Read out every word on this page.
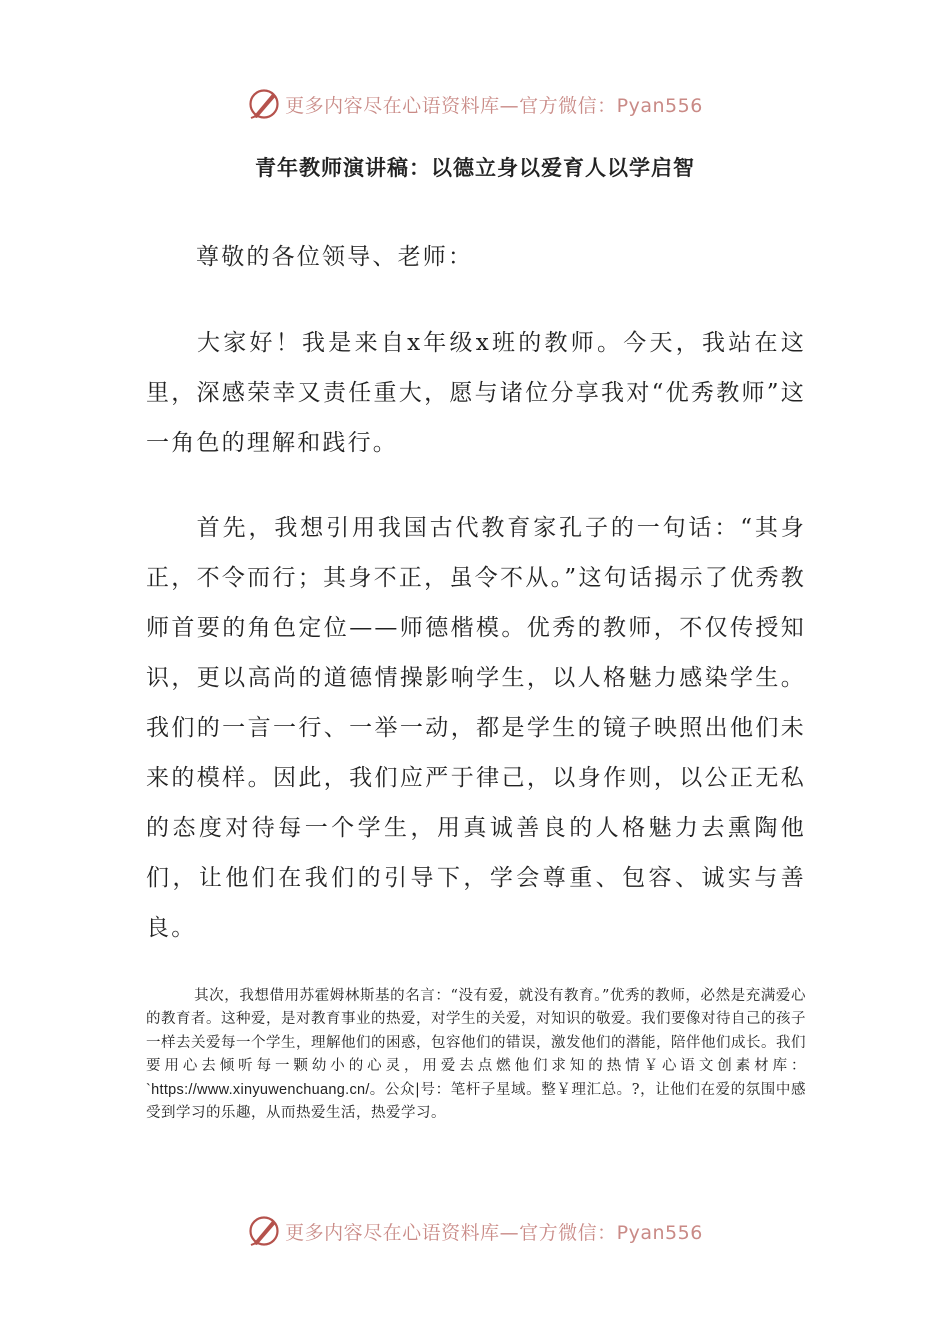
更多内容尽在心语资料库—官方微信：Pyan556
青年教师演讲稿：以德立身以爱育人以学启智

尊敬的各位领导、老师：

大家好！我是来自x年级x班的教师。今天，我站在这里，深感荣幸又责任重大，愿与诸位分享我对“优秀教师”这一角色的理解和践行。

首先，我想引用我国古代教育家孔子的一句话：“其身正，不令而行；其身不正，虽令不从。”这句话揭示了优秀教师首要的角色定位——师德楷模。优秀的教师，不仅传授知识，更以高尚的道德情操影响学生，以人格魅力感染学生。我们的一言一行、一举一动，都是学生的镜子映照出他们未来的模样。因此，我们应严于律己，以身作则，以公正无私的态度对待每一个学生，用真诚善良的人格魅力去熏陶他们，让他们在我们的引导下，学会尊重、包容、诚实与善良。

其次，我想借用苏霍姆林斯基的名言：“没有爱，就没有教育。”优秀的教师，必然是充满爱心的教育者。这种爱，是对教育事业的热爱，对学生的关爱，对知识的敬爱。我们要像对待自己的孩子一样去关爱每一个学生，理解他们的困惑，包容他们的错误，激发他们的潜能，陪伴他们成长。我们要用心去倾听每一颗幼小的心灵，用爱去点燃他们求知的热情￥心语文创素材库：`https://www.xinyuwenchuang.cn/。公众|号：笔杆子星域。整￥理汇总。?，让他们在爱的氛围中感受到学习的乐趣，从而热爱生活，热爱学习。

更多内容尽在心语资料库—官方微信：Pyan556
